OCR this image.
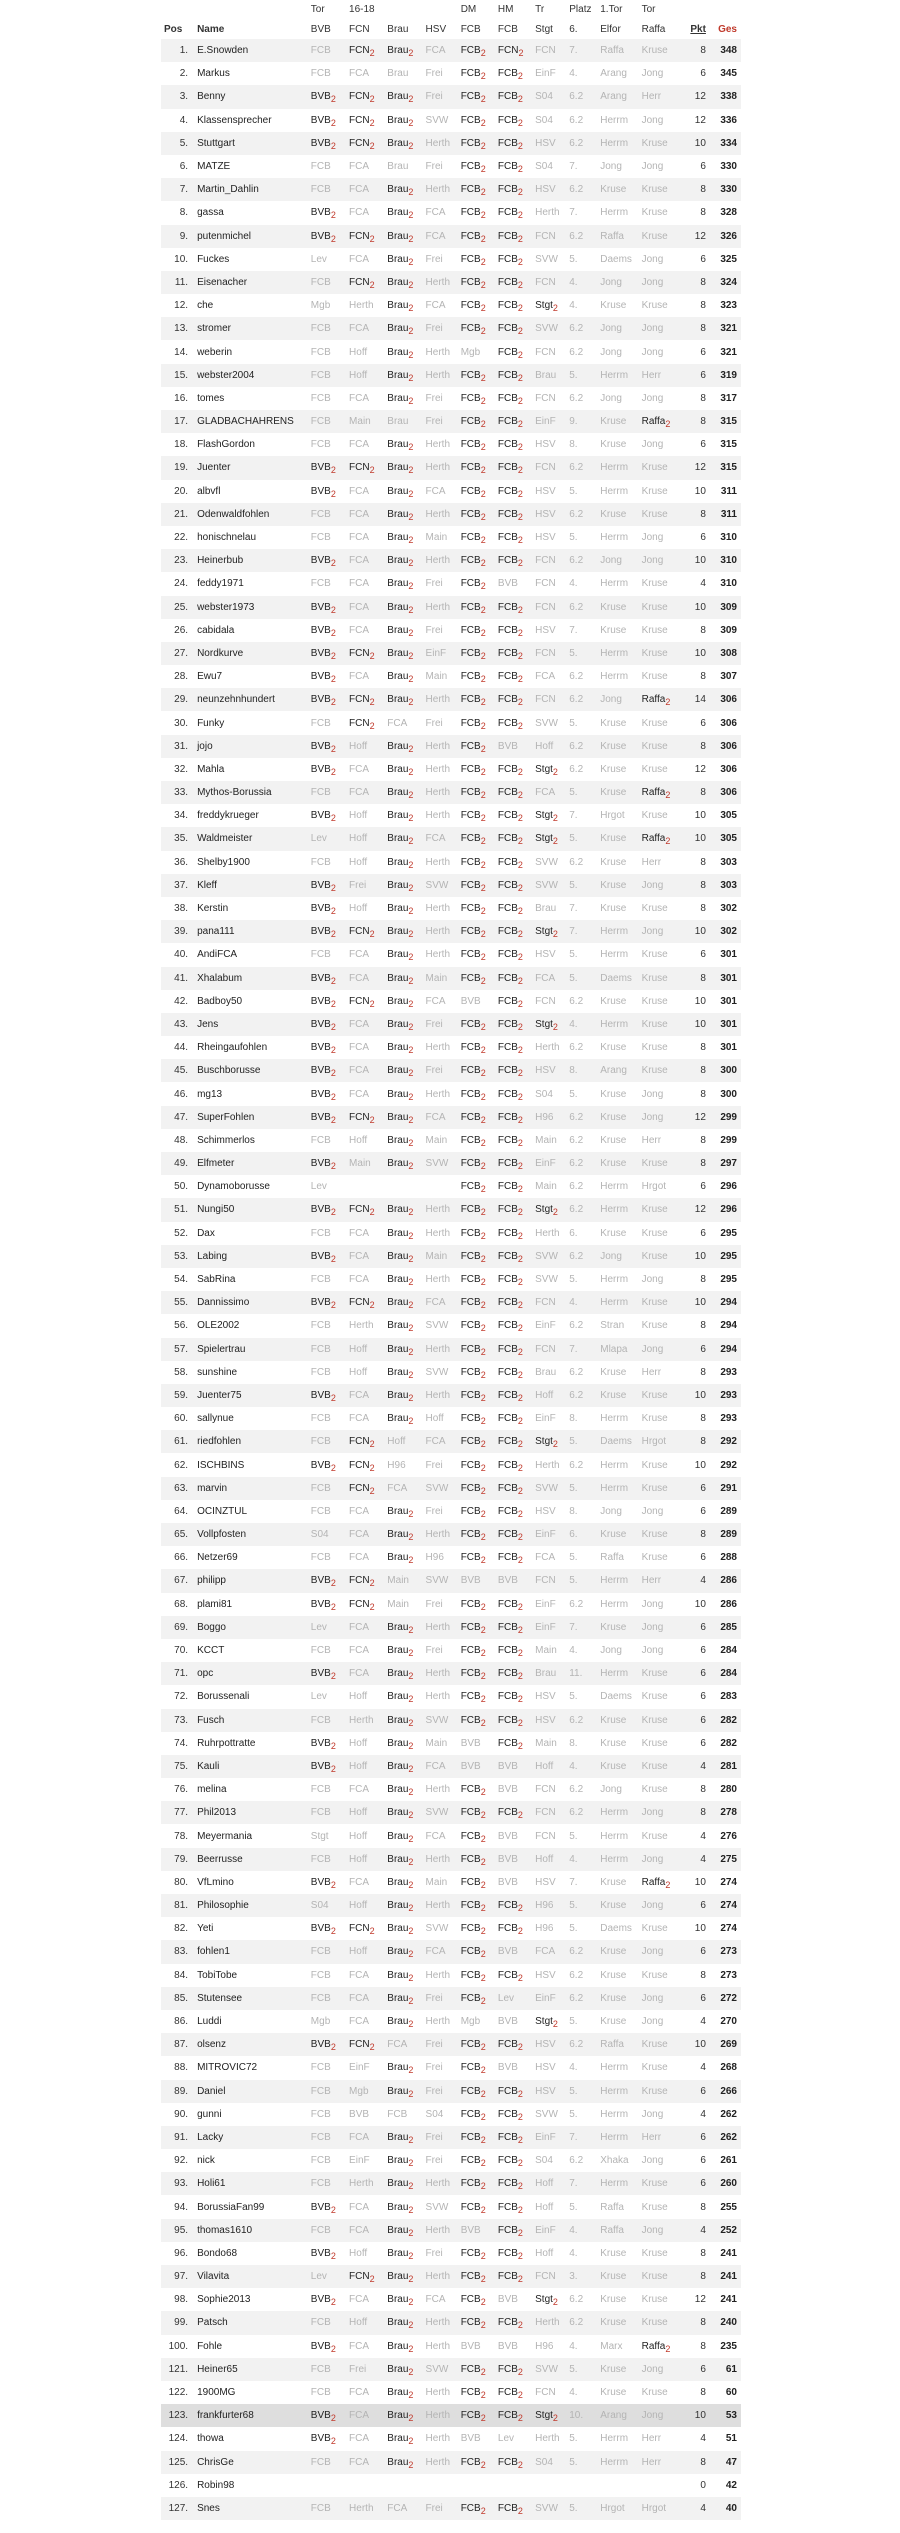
		Tor	16-18			DM	HM	Tr	Platz	1.Tor	Tor		
Pos	Name	BVB	FCN	Brau	HSV	FCB	FCB	Stgt	6.	Elfor	Raffa	Pkt	Ges
1.	E.Snowden	FCB	$FCN_2$	Brau$_2$	FCA	$FCB_2$	$FCN_2$	FCN	7.	Raffa	Kruse	8	348
2.	Markus	FCB	FCA	Brau	Frei	$FCB_2$	$FCB_2$	EinF	4.	Arang	Jong	6	345
3.	Benny	$BVB_2$	$FCN_2$	Brau$_2$	Frei	$FCB_2$	$FCB_2$	S04	6.2	Arang	Herr	12	338
4.	Klassensprecher	$BVB_2$	$FCN_2$	Brau$_2$	SVW	$FCB_2$	$FCB_2$	S04	6.2	Herrm	Jong	12	336
5.	Stuttgart	$BVB_2$	$FCN_2$	Brau$_2$	Herth	$FCB_2$	$FCB_2$	HSV	6.2	Herrm	Kruse	10	334
6.	MATZE	FCB	FCA	Brau	Frei	$FCB_2$	$FCB_2$	S04	7.	Jong	Jong	6	330
7.	Martin_Dahlin	FCB	FCA	Brau$_2$	Herth	$FCB_2$	$FCB_2$	HSV	6.2	Kruse	Kruse	8	330
8.	gassa	$BVB_2$	FCA	Brau$_2$	FCA	$FCB_2$	$FCB_2$	Herth	7.	Herrm	Kruse	8	328
9.	putenmichel	$BVB_2$	$FCN_2$	Brau$_2$	FCA	$FCB_2$	$FCB_2$	FCN	6.2	Raffa	Kruse	12	326
10.	Fuckes	Lev	FCA	Brau$_2$	Frei	$FCB_2$	$FCB_2$	SVW	5.	Daems	Jong	6	325
11.	Eisenacher	FCB	$FCN_2$	Brau$_2$	Herth	$FCB_2$	$FCB_2$	FCN	4.	Jong	Jong	8	324
12.	che	Mgb	Herth	Brau$_2$	FCA	$FCB_2$	$FCB_2$	Stgt$_2$	4.	Kruse	Kruse	8	323
13.	stromer	FCB	FCA	Brau$_2$	Frei	$FCB_2$	$FCB_2$	SVW	6.2	Jong	Jong	8	321
14.	weberin	FCB	Hoff	Brau$_2$	Herth	Mgb	$FCB_2$	FCN	6.2	Jong	Jong	6	321
15.	webster2004	FCB	Hoff	Brau$_2$	Herth	$FCB_2$	$FCB_2$	Brau	5.	Herrm	Herr	6	319
16.	tomes	FCB	FCA	Brau$_2$	Frei	$FCB_2$	$FCB_2$	FCN	6.2	Jong	Jong	8	317
17.	GLADBACHAHRENS	FCB	Main	Brau	Frei	$FCB_2$	$FCB_2$	EinF	9.	Kruse	Raffa$_2$	8	315
18.	FlashGordon	FCB	FCA	Brau$_2$	Herth	$FCB_2$	$FCB_2$	HSV	8.	Kruse	Jong	6	315
19.	Juenter	$BVB_2$	$FCN_2$	Brau$_2$	Herth	$FCB_2$	$FCB_2$	FCN	6.2	Herrm	Kruse	12	315
20.	albvfl	$BVB_2$	FCA	Brau$_2$	FCA	$FCB_2$	$FCB_2$	HSV	5.	Herrm	Kruse	10	311
21.	Odenwaldfohlen	FCB	FCA	Brau$_2$	Herth	$FCB_2$	$FCB_2$	HSV	6.2	Kruse	Kruse	8	311
22.	honischnelau	FCB	FCA	Brau$_2$	Main	$FCB_2$	$FCB_2$	HSV	5.	Herrm	Jong	6	310
23.	Heinerbub	$BVB_2$	FCA	Brau$_2$	Herth	$FCB_2$	$FCB_2$	FCN	6.2	Jong	Jong	10	310
24.	feddy1971	FCB	FCA	Brau$_2$	Frei	$FCB_2$	BVB	FCN	4.	Herrm	Kruse	4	310
25.	webster1973	$BVB_2$	FCA	Brau$_2$	Herth	$FCB_2$	$FCB_2$	FCN	6.2	Kruse	Kruse	10	309
26.	cabidala	$BVB_2$	FCA	Brau$_2$	Frei	$FCB_2$	$FCB_2$	HSV	7.	Kruse	Kruse	8	309
27.	Nordkurve	$BVB_2$	$FCN_2$	Brau$_2$	EinF	$FCB_2$	$FCB_2$	FCN	5.	Herrm	Kruse	10	308
28.	Ewu7	$BVB_2$	FCA	Brau$_2$	Main	$FCB_2$	$FCB_2$	FCA	6.2	Herrm	Kruse	8	307
29.	neunzehnhundert	$BVB_2$	$FCN_2$	Brau$_2$	Herth	$FCB_2$	$FCB_2$	FCN	6.2	Jong	Raffa$_2$	14	306
30.	Funky	FCB	$FCN_2$	FCA	Frei	$FCB_2$	$FCB_2$	SVW	5.	Kruse	Kruse	6	306
31.	jojo	$BVB_2$	Hoff	Brau$_2$	Herth	$FCB_2$	BVB	Hoff	6.2	Kruse	Kruse	8	306
32.	Mahla	$BVB_2$	FCA	Brau$_2$	Herth	$FCB_2$	$FCB_2$	Stgt$_2$	6.2	Kruse	Kruse	12	306
33.	Mythos-Borussia	FCB	FCA	Brau$_2$	Herth	$FCB_2$	$FCB_2$	FCA	5.	Kruse	Raffa$_2$	8	306
34.	freddykrueger	$BVB_2$	Hoff	Brau$_2$	Herth	$FCB_2$	$FCB_2$	Stgt$_2$	7.	Hrgot	Kruse	10	305
35.	Waldmeister	Lev	Hoff	Brau$_2$	FCA	$FCB_2$	$FCB_2$	Stgt$_2$	5.	Kruse	Raffa$_2$	10	305
36.	Shelby1900	FCB	Hoff	Brau$_2$	Herth	$FCB_2$	$FCB_2$	SVW	6.2	Kruse	Herr	8	303
37.	Kleff	$BVB_2$	Frei	Brau$_2$	SVW	$FCB_2$	$FCB_2$	SVW	5.	Kruse	Jong	8	303
38.	Kerstin	$BVB_2$	Hoff	Brau$_2$	Herth	$FCB_2$	$FCB_2$	Brau	7.	Kruse	Kruse	8	302
39.	pana111	$BVB_2$	$FCN_2$	Brau$_2$	Herth	$FCB_2$	$FCB_2$	Stgt$_2$	7.	Herrm	Jong	10	302
40.	AndiFCA	FCB	FCA	Brau$_2$	Herth	$FCB_2$	$FCB_2$	HSV	5.	Herrm	Kruse	6	301
41.	Xhalabum	$BVB_2$	FCA	Brau$_2$	Main	$FCB_2$	$FCB_2$	FCA	5.	Daems	Kruse	8	301
42.	Badboy50	$BVB_2$	$FCN_2$	Brau$_2$	FCA	BVB	$FCB_2$	FCN	6.2	Kruse	Kruse	10	301
43.	Jens	$BVB_2$	FCA	Brau$_2$	Frei	$FCB_2$	$FCB_2$	Stgt$_2$	4.	Herrm	Kruse	10	301
44.	Rheingaufohlen	$BVB_2$	FCA	Brau$_2$	Herth	$FCB_2$	$FCB_2$	Herth	6.2	Kruse	Kruse	8	301
45.	Buschborusse	$BVB_2$	FCA	Brau$_2$	Frei	$FCB_2$	$FCB_2$	HSV	8.	Arang	Kruse	8	300
46.	mg13	$BVB_2$	FCA	Brau$_2$	Herth	$FCB_2$	$FCB_2$	S04	5.	Kruse	Jong	8	300
47.	SuperFohlen	$BVB_2$	$FCN_2$	Brau$_2$	FCA	$FCB_2$	$FCB_2$	H96	6.2	Kruse	Jong	12	299
48.	Schimmerlos	FCB	Hoff	Brau$_2$	Main	$FCB_2$	$FCB_2$	Main	6.2	Kruse	Herr	8	299
49.	Elfmeter	$BVB_2$	Main	Brau$_2$	SVW	$FCB_2$	$FCB_2$	EinF	6.2	Kruse	Kruse	8	297
50.	Dynamoborusse	Lev				$FCB_2$	$FCB_2$	Main	6.2	Herrm	Hrgot	6	296
51.	Nungi50	$BVB_2$	$FCN_2$	Brau$_2$	Herth	$FCB_2$	$FCB_2$	Stgt$_2$	6.2	Herrm	Kruse	12	296
52.	Dax	FCB	FCA	Brau$_2$	Herth	$FCB_2$	$FCB_2$	Herth	6.	Kruse	Kruse	6	295
53.	Labing	$BVB_2$	FCA	Brau$_2$	Main	$FCB_2$	$FCB_2$	SVW	6.2	Jong	Kruse	10	295
54.	SabRina	FCB	FCA	Brau$_2$	Herth	$FCB_2$	$FCB_2$	SVW	5.	Herrm	Jong	8	295
55.	Dannissimo	$BVB_2$	$FCN_2$	Brau$_2$	FCA	$FCB_2$	$FCB_2$	FCN	4.	Herrm	Kruse	10	294
56.	OLE2002	FCB	Herth	Brau$_2$	SVW	$FCB_2$	$FCB_2$	EinF	6.2	Stran	Kruse	8	294
57.	Spielertrau	FCB	Hoff	Brau$_2$	Herth	$FCB_2$	$FCB_2$	FCN	7.	Mlapa	Jong	6	294
58.	sunshine	FCB	Hoff	Brau$_2$	SVW	$FCB_2$	$FCB_2$	Brau	6.2	Kruse	Herr	8	293
59.	Juenter75	$BVB_2$	FCA	Brau$_2$	Herth	$FCB_2$	$FCB_2$	Hoff	6.2	Kruse	Kruse	10	293
60.	sallynue	FCB	FCA	Brau$_2$	Hoff	$FCB_2$	$FCB_2$	EinF	8.	Herrm	Kruse	8	293
61.	riedfohlen	FCB	$FCN_2$	Hoff	FCA	$FCB_2$	$FCB_2$	Stgt$_2$	5.	Daems	Hrgot	8	292
62.	ISCHBINS	$BVB_2$	$FCN_2$	H96	Frei	$FCB_2$	$FCB_2$	Herth	6.2	Herrm	Kruse	10	292
63.	marvin	FCB	$FCN_2$	FCA	SVW	$FCB_2$	$FCB_2$	SVW	5.	Herrm	Kruse	6	291
64.	OCINZTUL	FCB	FCA	Brau$_2$	Frei	$FCB_2$	$FCB_2$	HSV	8.	Jong	Jong	6	289
65.	Vollpfosten	S04	FCA	Brau$_2$	Herth	$FCB_2$	$FCB_2$	EinF	6.	Kruse	Kruse	8	289
66.	Netzer69	FCB	FCA	Brau$_2$	H96	$FCB_2$	$FCB_2$	FCA	5.	Raffa	Kruse	6	288
67.	philipp	$BVB_2$	$FCN_2$	Main	SVW	BVB	BVB	FCN	5.	Herrm	Herr	4	286
68.	plami81	$BVB_2$	$FCN_2$	Main	Frei	$FCB_2$	$FCB_2$	EinF	6.2	Herrm	Jong	10	286
69.	Boggo	Lev	FCA	Brau$_2$	Herth	$FCB_2$	$FCB_2$	EinF	7.	Kruse	Jong	6	285
70.	KCCT	FCB	FCA	Brau$_2$	Frei	$FCB_2$	$FCB_2$	Main	4.	Jong	Jong	6	284
71.	opc	$BVB_2$	FCA	Brau$_2$	Herth	$FCB_2$	$FCB_2$	Brau	11.	Herrm	Kruse	6	284
72.	Borussenali	Lev	Hoff	Brau$_2$	Herth	$FCB_2$	$FCB_2$	HSV	5.	Daems	Kruse	6	283
73.	Fusch	FCB	Herth	Brau$_2$	SVW	$FCB_2$	$FCB_2$	HSV	6.2	Kruse	Kruse	6	282
74.	Ruhrpottratte	$BVB_2$	Hoff	Brau$_2$	Main	BVB	$FCB_2$	Main	8.	Kruse	Kruse	6	282
75.	Kauli	$BVB_2$	Hoff	Brau$_2$	FCA	BVB	BVB	Hoff	4.	Kruse	Kruse	4	281
76.	melina	FCB	FCA	Brau$_2$	Herth	$FCB_2$	BVB	FCN	6.2	Jong	Kruse	8	280
77.	Phil2013	FCB	Hoff	Brau$_2$	SVW	$FCB_2$	$FCB_2$	FCN	6.2	Herrm	Jong	8	278
78.	Meyermania	Stgt	Hoff	Brau$_2$	FCA	$FCB_2$	BVB	FCN	5.	Herrm	Kruse	4	276
79.	Beerrusse	FCB	Hoff	Brau$_2$	Herth	$FCB_2$	BVB	Hoff	4.	Herrm	Jong	4	275
80.	VfLmino	$BVB_2$	FCA	Brau$_2$	Main	$FCB_2$	BVB	HSV	7.	Kruse	Raffa$_2$	10	274
81.	Philosophie	S04	Hoff	Brau$_2$	Herth	$FCB_2$	$FCB_2$	H96	5.	Kruse	Jong	6	274
82.	Yeti	$BVB_2$	$FCN_2$	Brau$_2$	SVW	$FCB_2$	$FCB_2$	H96	5.	Daems	Kruse	10	274
83.	fohlen1	FCB	Hoff	Brau$_2$	FCA	$FCB_2$	BVB	FCA	6.2	Kruse	Jong	6	273
84.	TobiTobe	FCB	FCA	Brau$_2$	Herth	$FCB_2$	$FCB_2$	HSV	6.2	Kruse	Kruse	8	273
85.	Stutensee	FCB	FCA	Brau$_2$	Frei	$FCB_2$	Lev	EinF	6.2	Kruse	Jong	6	272
86.	Luddi	Mgb	FCA	Brau$_2$	Herth	Mgb	BVB	Stgt$_2$	5.	Kruse	Jong	4	270
87.	olsenz	$BVB_2$	$FCN_2$	FCA	Frei	$FCB_2$	$FCB_2$	HSV	6.2	Raffa	Kruse	10	269
88.	MITROVIC72	FCB	EinF	Brau$_2$	Frei	$FCB_2$	BVB	HSV	4.	Herrm	Kruse	4	268
89.	Daniel	FCB	Mgb	Brau$_2$	Frei	$FCB_2$	$FCB_2$	HSV	5.	Herrm	Kruse	6	266
90.	gunni	FCB	BVB	FCB	S04	$FCB_2$	$FCB_2$	SVW	5.	Herrm	Jong	4	262
91.	Lacky	FCB	FCA	Brau$_2$	Frei	$FCB_2$	$FCB_2$	EinF	7.	Herrm	Herr	6	262
92.	nick	FCB	EinF	Brau$_2$	Frei	$FCB_2$	$FCB_2$	S04	6.2	Xhaka	Jong	6	261
93.	Holi61	FCB	Herth	Brau$_2$	Herth	$FCB_2$	$FCB_2$	Hoff	7.	Herrm	Kruse	6	260
94.	BorussiaFan99	$BVB_2$	FCA	Brau$_2$	SVW	$FCB_2$	$FCB_2$	Hoff	5.	Raffa	Kruse	8	255
95.	thomas1610	FCB	FCA	Brau$_2$	Herth	BVB	$FCB_2$	EinF	4.	Raffa	Jong	4	252
96.	Bondo68	$BVB_2$	Hoff	Brau$_2$	Frei	$FCB_2$	$FCB_2$	Hoff	4.	Kruse	Kruse	8	241
97.	Vilavita	Lev	$FCN_2$	Brau$_2$	Herth	$FCB_2$	$FCB_2$	FCN	3.	Kruse	Kruse	8	241
98.	Sophie2013	$BVB_2$	FCA	Brau$_2$	FCA	$FCB_2$	BVB	Stgt$_2$	6.2	Kruse	Kruse	12	241
99.	Patsch	FCB	Hoff	Brau$_2$	Herth	$FCB_2$	$FCB_2$	Herth	6.2	Kruse	Kruse	8	240
100.	Fohle	$BVB_2$	FCA	Brau$_2$	Herth	BVB	BVB	H96	4.	Marx	Raffa$_2$	8	235
121.	Heiner65	FCB	Frei	Brau$_2$	SVW	$FCB_2$	$FCB_2$	SVW	5.	Kruse	Jong	6	61
122.	1900MG	FCB	FCA	Brau$_2$	Herth	$FCB_2$	$FCB_2$	FCN	4.	Kruse	Kruse	8	60
123.	frankfurter68	$BVB_2$	FCA	Brau$_2$	Herth	$FCB_2$	$FCB_2$	Stgt$_2$	10.	Arang	Jong	10	53
124.	thowa	$BVB_2$	FCA	Brau$_2$	Herth	BVB	Lev	Herth	5.	Herrm	Herr	4	51
125.	ChrisGe	FCB	FCA	Brau$_2$	Herth	$FCB_2$	$FCB_2$	S04	5.	Herrm	Herr	8	47
126.	Robin98											0	42
127.	Snes	FCB	Herth	FCA	Frei	$FCB_2$	$FCB_2$	SVW	5.	Hrgot	Hrgot	4	40
